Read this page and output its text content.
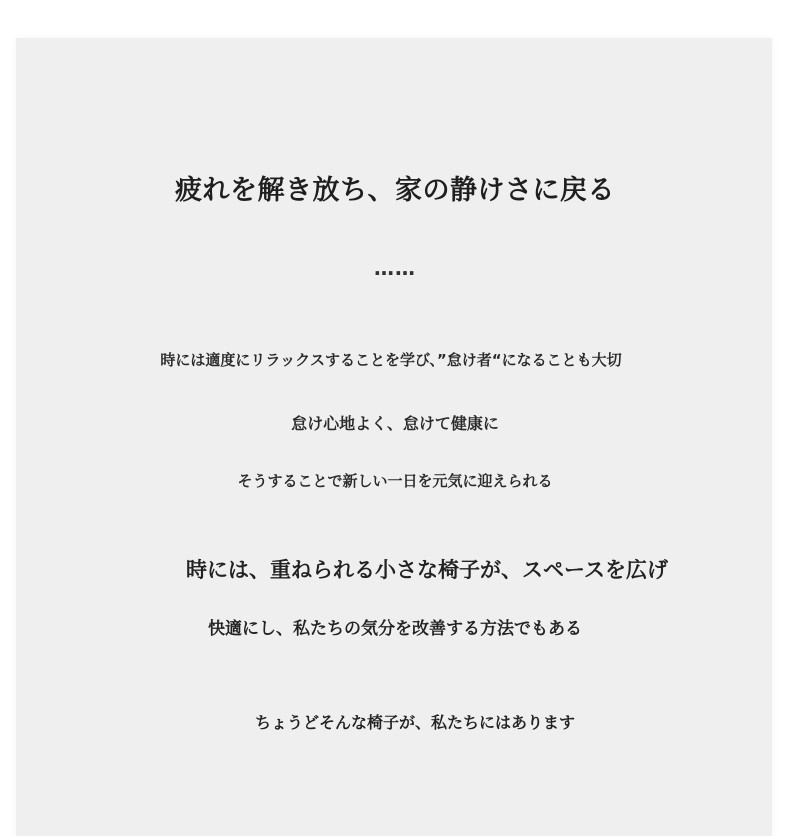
疲れを解き放ち、家の静けさに戻る
……
時には適度にリラックスすることを学び、”怠け者“になることも大切
怠け心地よく、怠けて健康に
そうすることで新しい一日を元気に迎えられる
時には、重ねられる小さな椅子が、スペースを広げ
快適にし、私たちの気分を改善する方法でもある
ちょうどそんな椅子が、私たちにはあります
